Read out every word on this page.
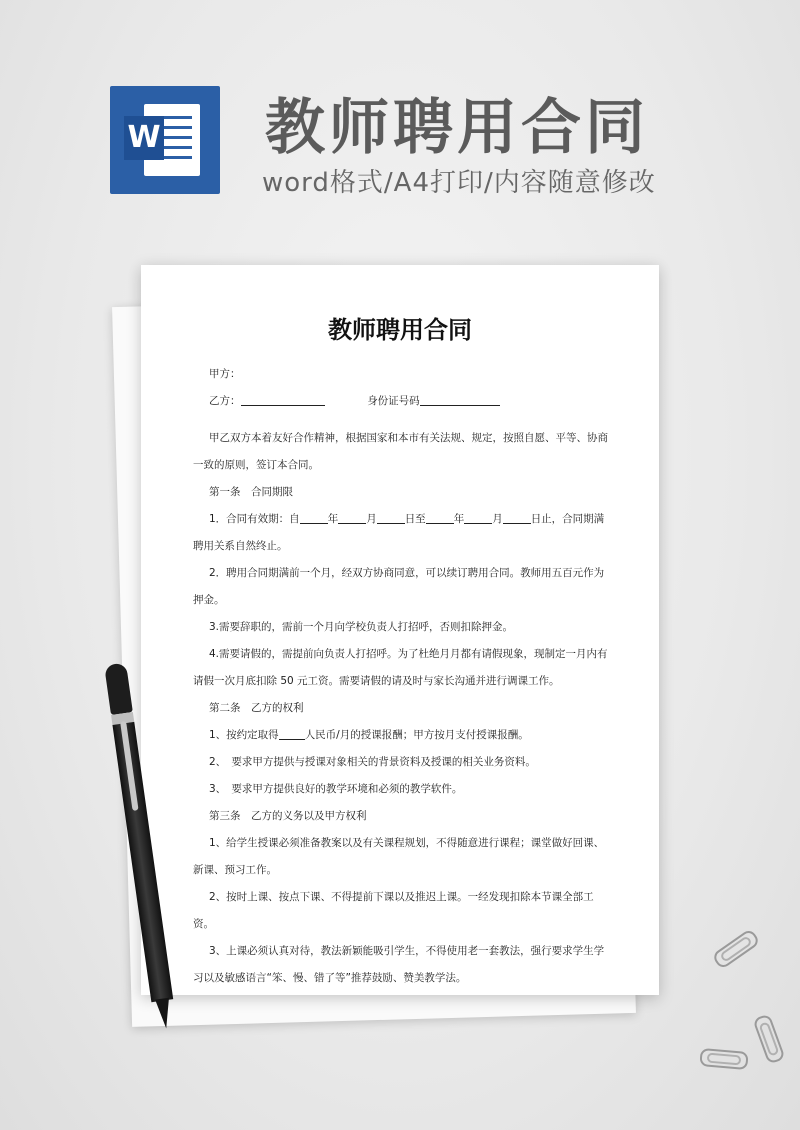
W 教师聘用合同
word格式/A4打印/内容随意修改
教师聘用合同

甲方：

乙方：	身份证号码

甲乙双方本着友好合作精神，根据国家和本市有关法规、规定，按照自愿、平等、协商一致的原则，签订本合同。

第一条　合同期限

1．合同有效期：自	年	月	日至	年	月	日止，合同期满聘用关系自然终止。

2．聘用合同期满前一个月，经双方协商同意，可以续订聘用合同。教师用五百元作为押金。

3.需要辞职的，需前一个月向学校负责人打招呼，否则扣除押金。

4.需要请假的，需提前向负责人打招呼。为了杜绝月月都有请假现象，现制定一月内有请假一次月底扣除 50 元工资。需要请假的请及时与家长沟通并进行调课工作。

第二条　乙方的权利

1、按约定取得 人民币/月的授课报酬；甲方按月支付授课报酬。

2、　要求甲方提供与授课对象相关的背景资料及授课的相关业务资料。

3、　要求甲方提供良好的教学环境和必须的教学软件。

第三条　乙方的义务以及甲方权利

1、给学生授课必须准备教案以及有关课程规划，不得随意进行课程；课堂做好回课、新课、预习工作。

2、按时上课、按点下课、不得提前下课以及推迟上课。一经发现扣除本节课全部工资。

3、上课必须认真对待，教法新颖能吸引学生，不得使用老一套教法，强行要求学生学习以及敏感语言“笨、慢、错了等”推荐鼓励、赞美教学法。
